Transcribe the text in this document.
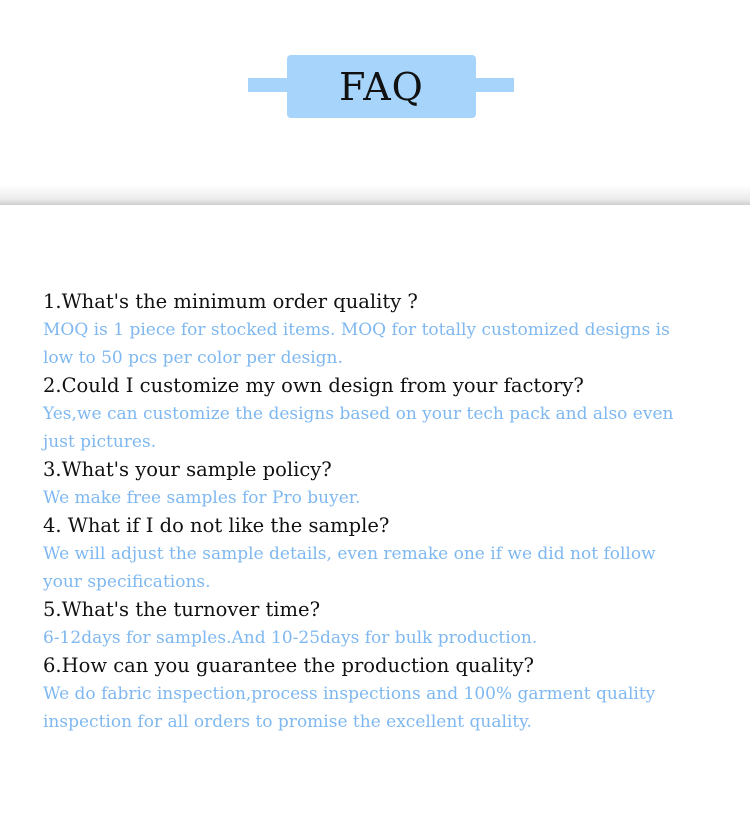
FAQ
1.What's the minimum order quality ?
MOQ is 1 piece for stocked items. MOQ for totally customized designs is
low to 50 pcs per color per design.
2.Could I customize my own design from your factory?
Yes,we can customize the designs based on your tech pack and also even
just pictures.
3.What's your sample policy?
We make free samples for Pro buyer.
4. What if I do not like the sample?
We will adjust the sample details, even remake one if we did not follow
your specifications.
5.What's the turnover time?
6-12days for samples.And 10-25days for bulk production.
6.How can you guarantee the production quality?
We do fabric inspection,process inspections and 100% garment quality
inspection for all orders to promise the excellent quality.
